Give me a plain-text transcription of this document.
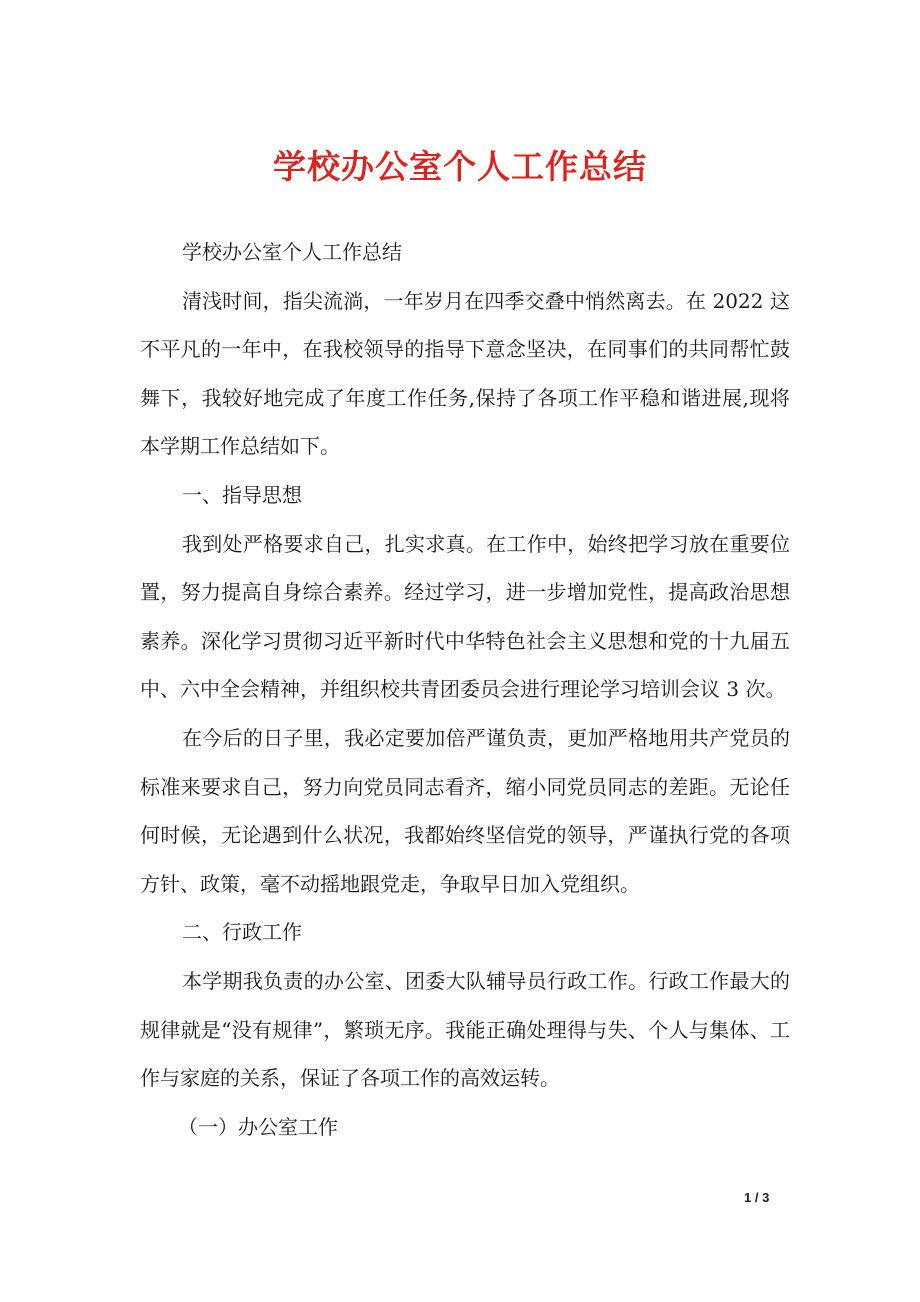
学校办公室个人工作总结

学校办公室个人工作总结

清浅时间，指尖流淌，一年岁月在四季交叠中悄然离去。在 2022 这不平凡的一年中，在我校领导的指导下意念坚决，在同事们的共同帮忙鼓舞下，我较好地完成了年度工作任务,保持了各项工作平稳和谐进展,现将本学期工作总结如下。

一、指导思想

我到处严格要求自己，扎实求真。在工作中，始终把学习放在重要位置，努力提高自身综合素养。经过学习，进一步增加党性，提高政治思想素养。深化学习贯彻习近平新时代中华特色社会主义思想和党的十九届五中、六中全会精神，并组织校共青团委员会进行理论学习培训会议 3 次。

在今后的日子里，我必定要加倍严谨负责，更加严格地用共产党员的标准来要求自己，努力向党员同志看齐，缩小同党员同志的差距。无论任何时候，无论遇到什么状况，我都始终坚信党的领导，严谨执行党的各项方针、政策，毫不动摇地跟党走，争取早日加入党组织。

二、行政工作

本学期我负责的办公室、团委大队辅导员行政工作。行政工作最大的规律就是“没有规律”，繁琐无序。我能正确处理得与失、个人与集体、工作与家庭的关系，保证了各项工作的高效运转。

（一）办公室工作

1 / 3
